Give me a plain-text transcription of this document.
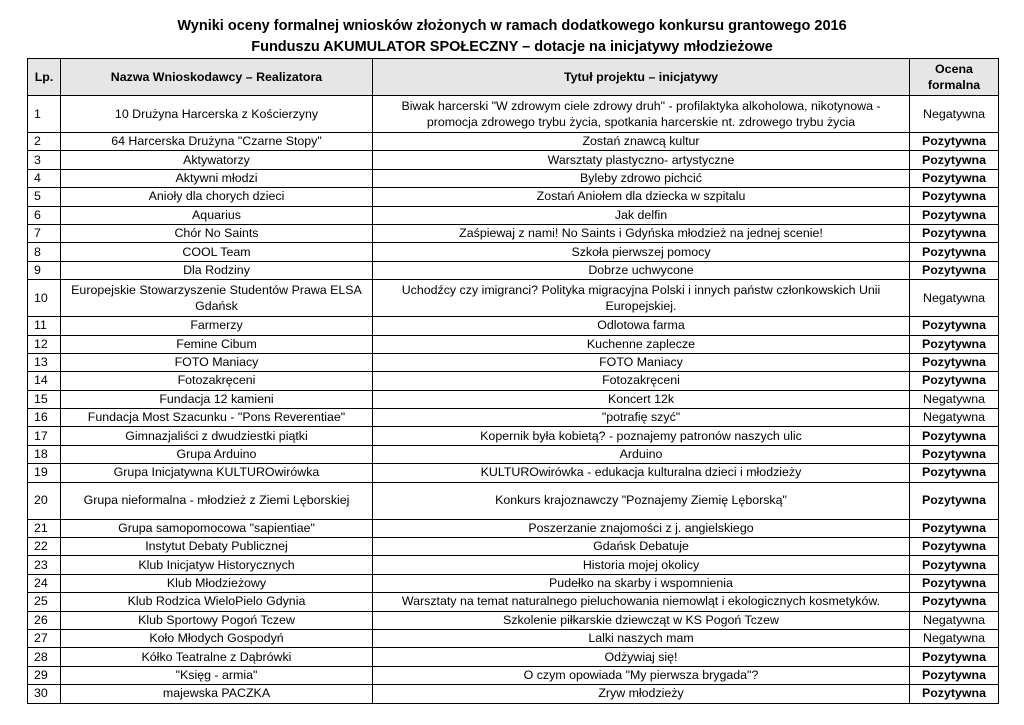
Wyniki oceny formalnej wniosków złożonych w ramach dodatkowego konkursu grantowego 2016
Funduszu AKUMULATOR SPOŁECZNY – dotacje na inicjatywy młodzieżowe
Lp.	Nazwa Wnioskodawcy – Realizatora	Tytuł projektu – inicjatywy	Ocena formalna
1	10 Drużyna Harcerska z Kościerzyny	Biwak harcerski "W zdrowym ciele zdrowy druh" - profilaktyka alkoholowa, nikotynowa - promocja zdrowego trybu życia, spotkania harcerskie nt. zdrowego trybu życia	Negatywna
2	64 Harcerska Drużyna "Czarne Stopy"	Zostań znawcą kultur	Pozytywna
3	Aktywatorzy	Warsztaty plastyczno- artystyczne	Pozytywna
4	Aktywni młodzi	Byleby zdrowo pichcić	Pozytywna
5	Anioły dla chorych dzieci	Zostań Aniołem dla dziecka w szpitalu	Pozytywna
6	Aquarius	Jak delfin	Pozytywna
7	Chór No Saints	Zaśpiewaj z nami! No Saints i Gdyńska młodzież na jednej scenie!	Pozytywna
8	COOL Team	Szkoła pierwszej pomocy	Pozytywna
9	Dla Rodziny	Dobrze uchwycone	Pozytywna
10	Europejskie Stowarzyszenie Studentów Prawa ELSA Gdańsk	Uchodźcy czy imigranci? Polityka migracyjna Polski i innych państw członkowskich Unii Europejskiej.	Negatywna
11	Farmerzy	Odlotowa farma	Pozytywna
12	Femine Cibum	Kuchenne zaplecze	Pozytywna
13	FOTO Maniacy	FOTO Maniacy	Pozytywna
14	Fotozakręceni	Fotozakręceni	Pozytywna
15	Fundacja 12 kamieni	Koncert 12k	Negatywna
16	Fundacja Most Szacunku - "Pons Reverentiae"	"potrafię szyć"	Negatywna
17	Gimnazjaliści z dwudziestki piątki	Kopernik była kobietą? - poznajemy patronów naszych ulic	Pozytywna
18	Grupa Arduino	Arduino	Pozytywna
19	Grupa Inicjatywna KULTUROwirówka	KULTUROwirówka - edukacja kulturalna dzieci i młodzieży	Pozytywna
20	Grupa nieformalna - młodzież z Ziemi Lęborskiej	Konkurs krajoznawczy "Poznajemy Ziemię Lęborską"	Pozytywna
21	Grupa samopomocowa "sapientiae"	Poszerzanie znajomości z j. angielskiego	Pozytywna
22	Instytut Debaty Publicznej	Gdańsk Debatuje	Pozytywna
23	Klub Inicjatyw Historycznych	Historia mojej okolicy	Pozytywna
24	Klub Młodzieżowy	Pudełko na skarby i wspomnienia	Pozytywna
25	Klub Rodzica WieloPielo Gdynia	Warsztaty na temat naturalnego pieluchowania niemowląt i ekologicznych kosmetyków.	Pozytywna
26	Klub Sportowy Pogoń Tczew	Szkolenie piłkarskie dziewcząt w KS Pogoń Tczew	Negatywna
27	Koło Młodych Gospodyń	Lalki naszych mam	Negatywna
28	Kółko Teatralne z Dąbrówki	Odżywiaj się!	Pozytywna
29	"Księg - armia"	O czym opowiada "My pierwsza brygada"?	Pozytywna
30	majewska PACZKA	Zryw młodzieży	Pozytywna
